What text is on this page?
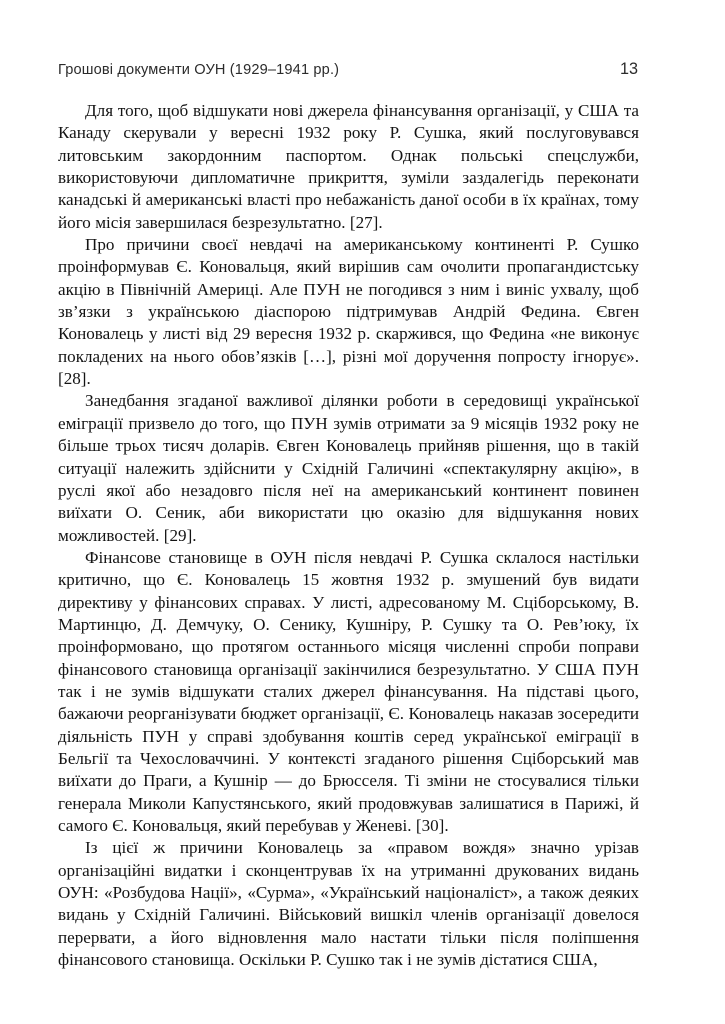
Грошові документи ОУН (1929–1941 рр.)	13

Для того, щоб відшукати нові джерела фінансування організації, у США та Канаду скерували у вересні 1932 року Р. Сушка, який послуговувався литовським закордонним паспортом. Однак польські спецслужби, використовуючи дипломатичне прикриття, зуміли заздалегідь переконати канадські й американські власті про небажаність даної особи в їх країнах, тому його місія завершилася безрезультатно. [27].

Про причини своєї невдачі на американському континенті Р. Сушко проінформував Є. Коновальця, який вирішив сам очолити пропагандистську акцію в Північній Америці. Але ПУН не погодився з ним і виніс ухвалу, щоб зв’язки з українською діаспорою підтримував Андрій Федина. Євген Коновалець у листі від 29 вересня 1932 р. скаржився, що Федина «не виконує покладених на нього обов’язків […], різні мої доручення попросту ігнорує». [28].

Занедбання згаданої важливої ділянки роботи в середовищі української еміграції призвело до того, що ПУН зумів отримати за 9 місяців 1932 року не більше трьох тисяч доларів. Євген Коновалець прийняв рішення, що в такій ситуації належить здійснити у Східній Галичині «спектакулярну акцію», в руслі якої або незадовго після неї на американський континент повинен виїхати О. Сеник, аби використати цю оказію для відшукання нових можливостей. [29].

Фінансове становище в ОУН після невдачі Р. Сушка склалося настільки критично, що Є. Коновалець 15 жовтня 1932 р. змушений був видати директиву у фінансових справах. У листі, адресованому М. Сціборському, В. Мартинцю, Д. Демчуку, О. Сенику, Кушніру, Р. Сушку та О. Рев’юку, їх проінформовано, що протягом останнього місяця численні спроби поправи фінансового становища організації закінчилися безрезультатно. У США ПУН так і не зумів відшукати сталих джерел фінансування. На підставі цього, бажаючи реорганізувати бюджет організації, Є. Коновалець наказав зосередити діяльність ПУН у справі здобування коштів серед української еміграції в Бельгії та Чехословаччині. У контексті згаданого рішення Сціборський мав виїхати до Праги, а Кушнір — до Брюсселя. Ті зміни не стосувалися тільки генерала Миколи Капустянського, який продовжував залишатися в Парижі, й самого Є. Коновальця, який перебував у Женеві. [30].

Із цієї ж причини Коновалець за «правом вождя» значно урізав організаційні видатки і сконцентрував їх на утриманні друкованих видань ОУН: «Розбудова Нації», «Сурма», «Український націоналіст», а також деяких видань у Східній Галичині. Військовий вишкіл членів організації довелося перервати, а його відновлення мало настати тільки після поліпшення фінансового становища. Оскільки Р. Сушко так і не зумів дістатися США,
